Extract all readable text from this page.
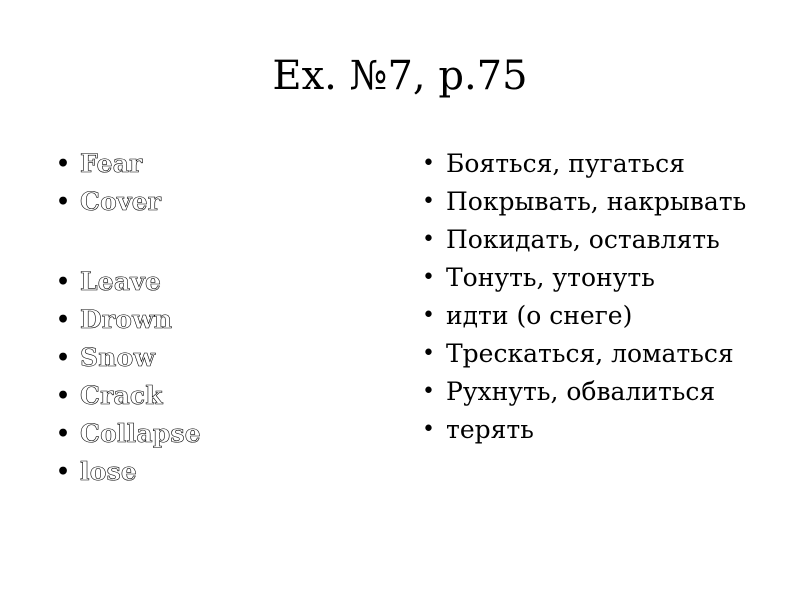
Ex. №7, p.75
• Fear
• Cover
• Leave
• Drown
• Snow
• Crack
• Collapse
• lose
• Бояться, пугаться
• Покрывать, накрывать
• Покидать, оставлять
• Тонуть, утонуть
• идти (о снеге)
• Трескаться, ломаться
• Рухнуть, обвалиться
• терять
